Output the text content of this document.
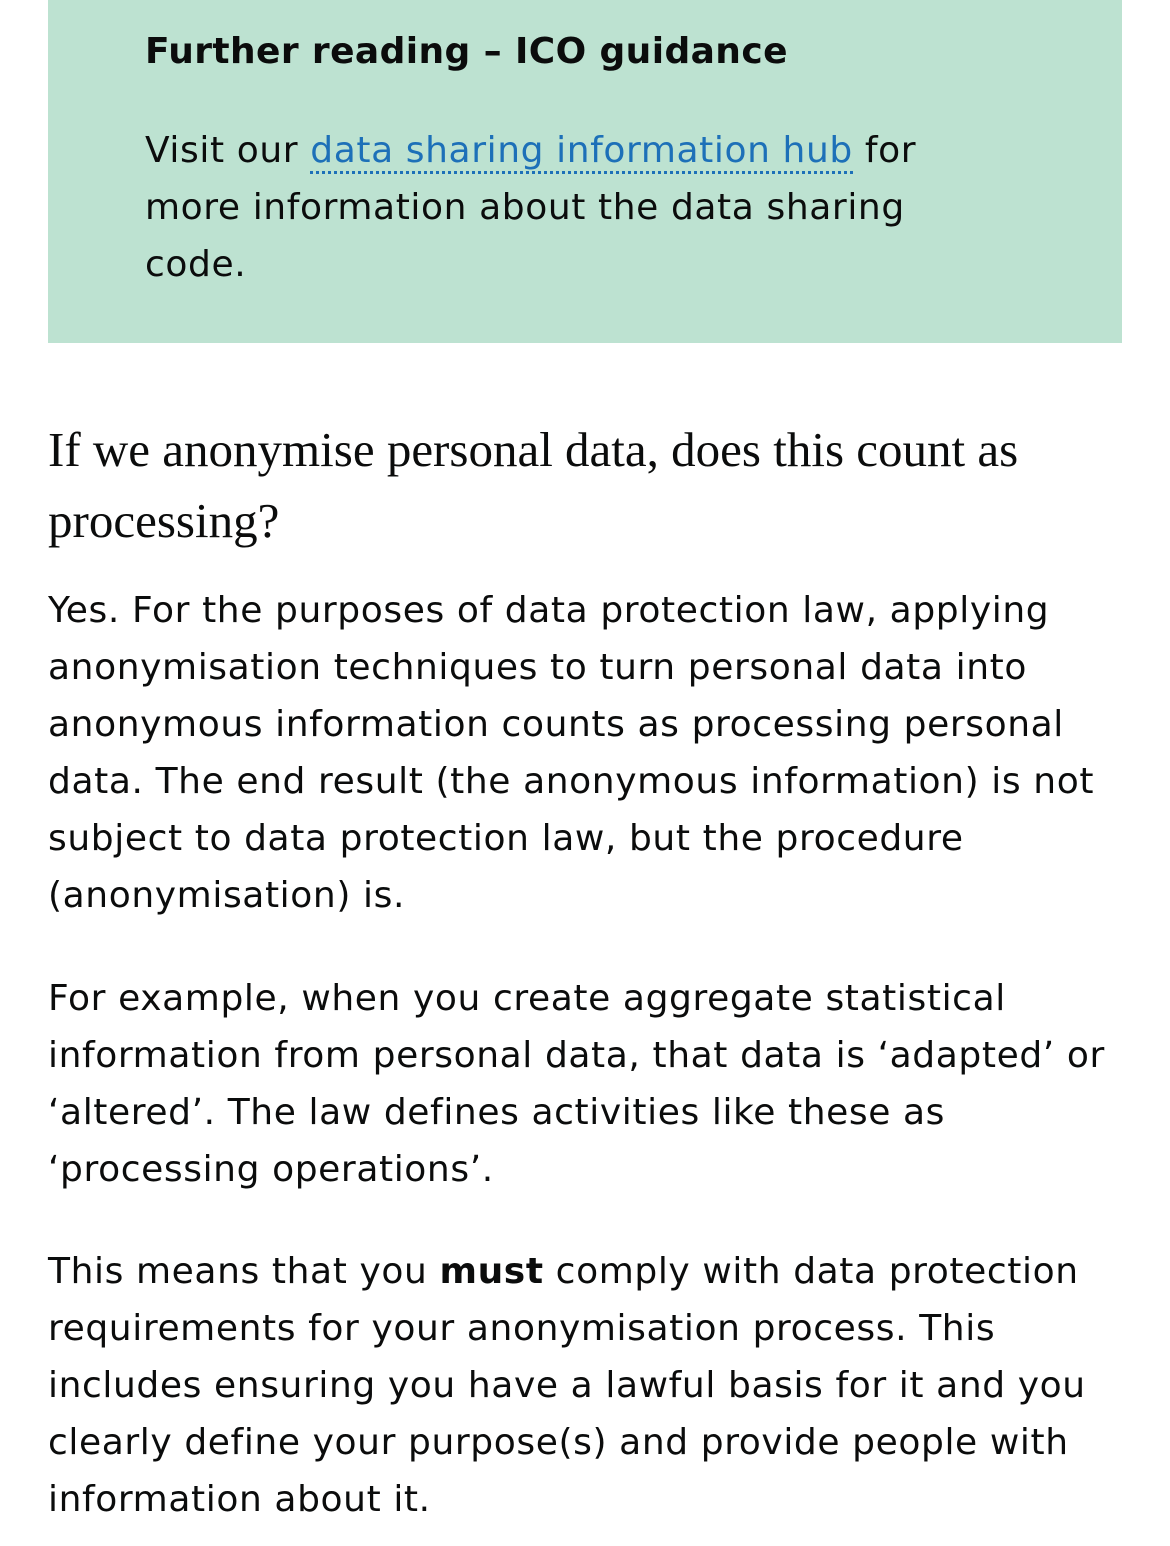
Further reading – ICO guidance

Visit our data sharing information hub for more information about the data sharing code.

If we anonymise personal data, does this count as processing?

Yes. For the purposes of data protection law, applying anonymisation techniques to turn personal data into anonymous information counts as processing personal data. The end result (the anonymous information) is not subject to data protection law, but the procedure (anonymisation) is.

For example, when you create aggregate statistical information from personal data, that data is ‘adapted’ or ‘altered’. The law defines activities like these as ‘processing operations’.

This means that you must comply with data protection requirements for your anonymisation process. This includes ensuring you have a lawful basis for it and you clearly define your purpose(s) and provide people with information about it.
